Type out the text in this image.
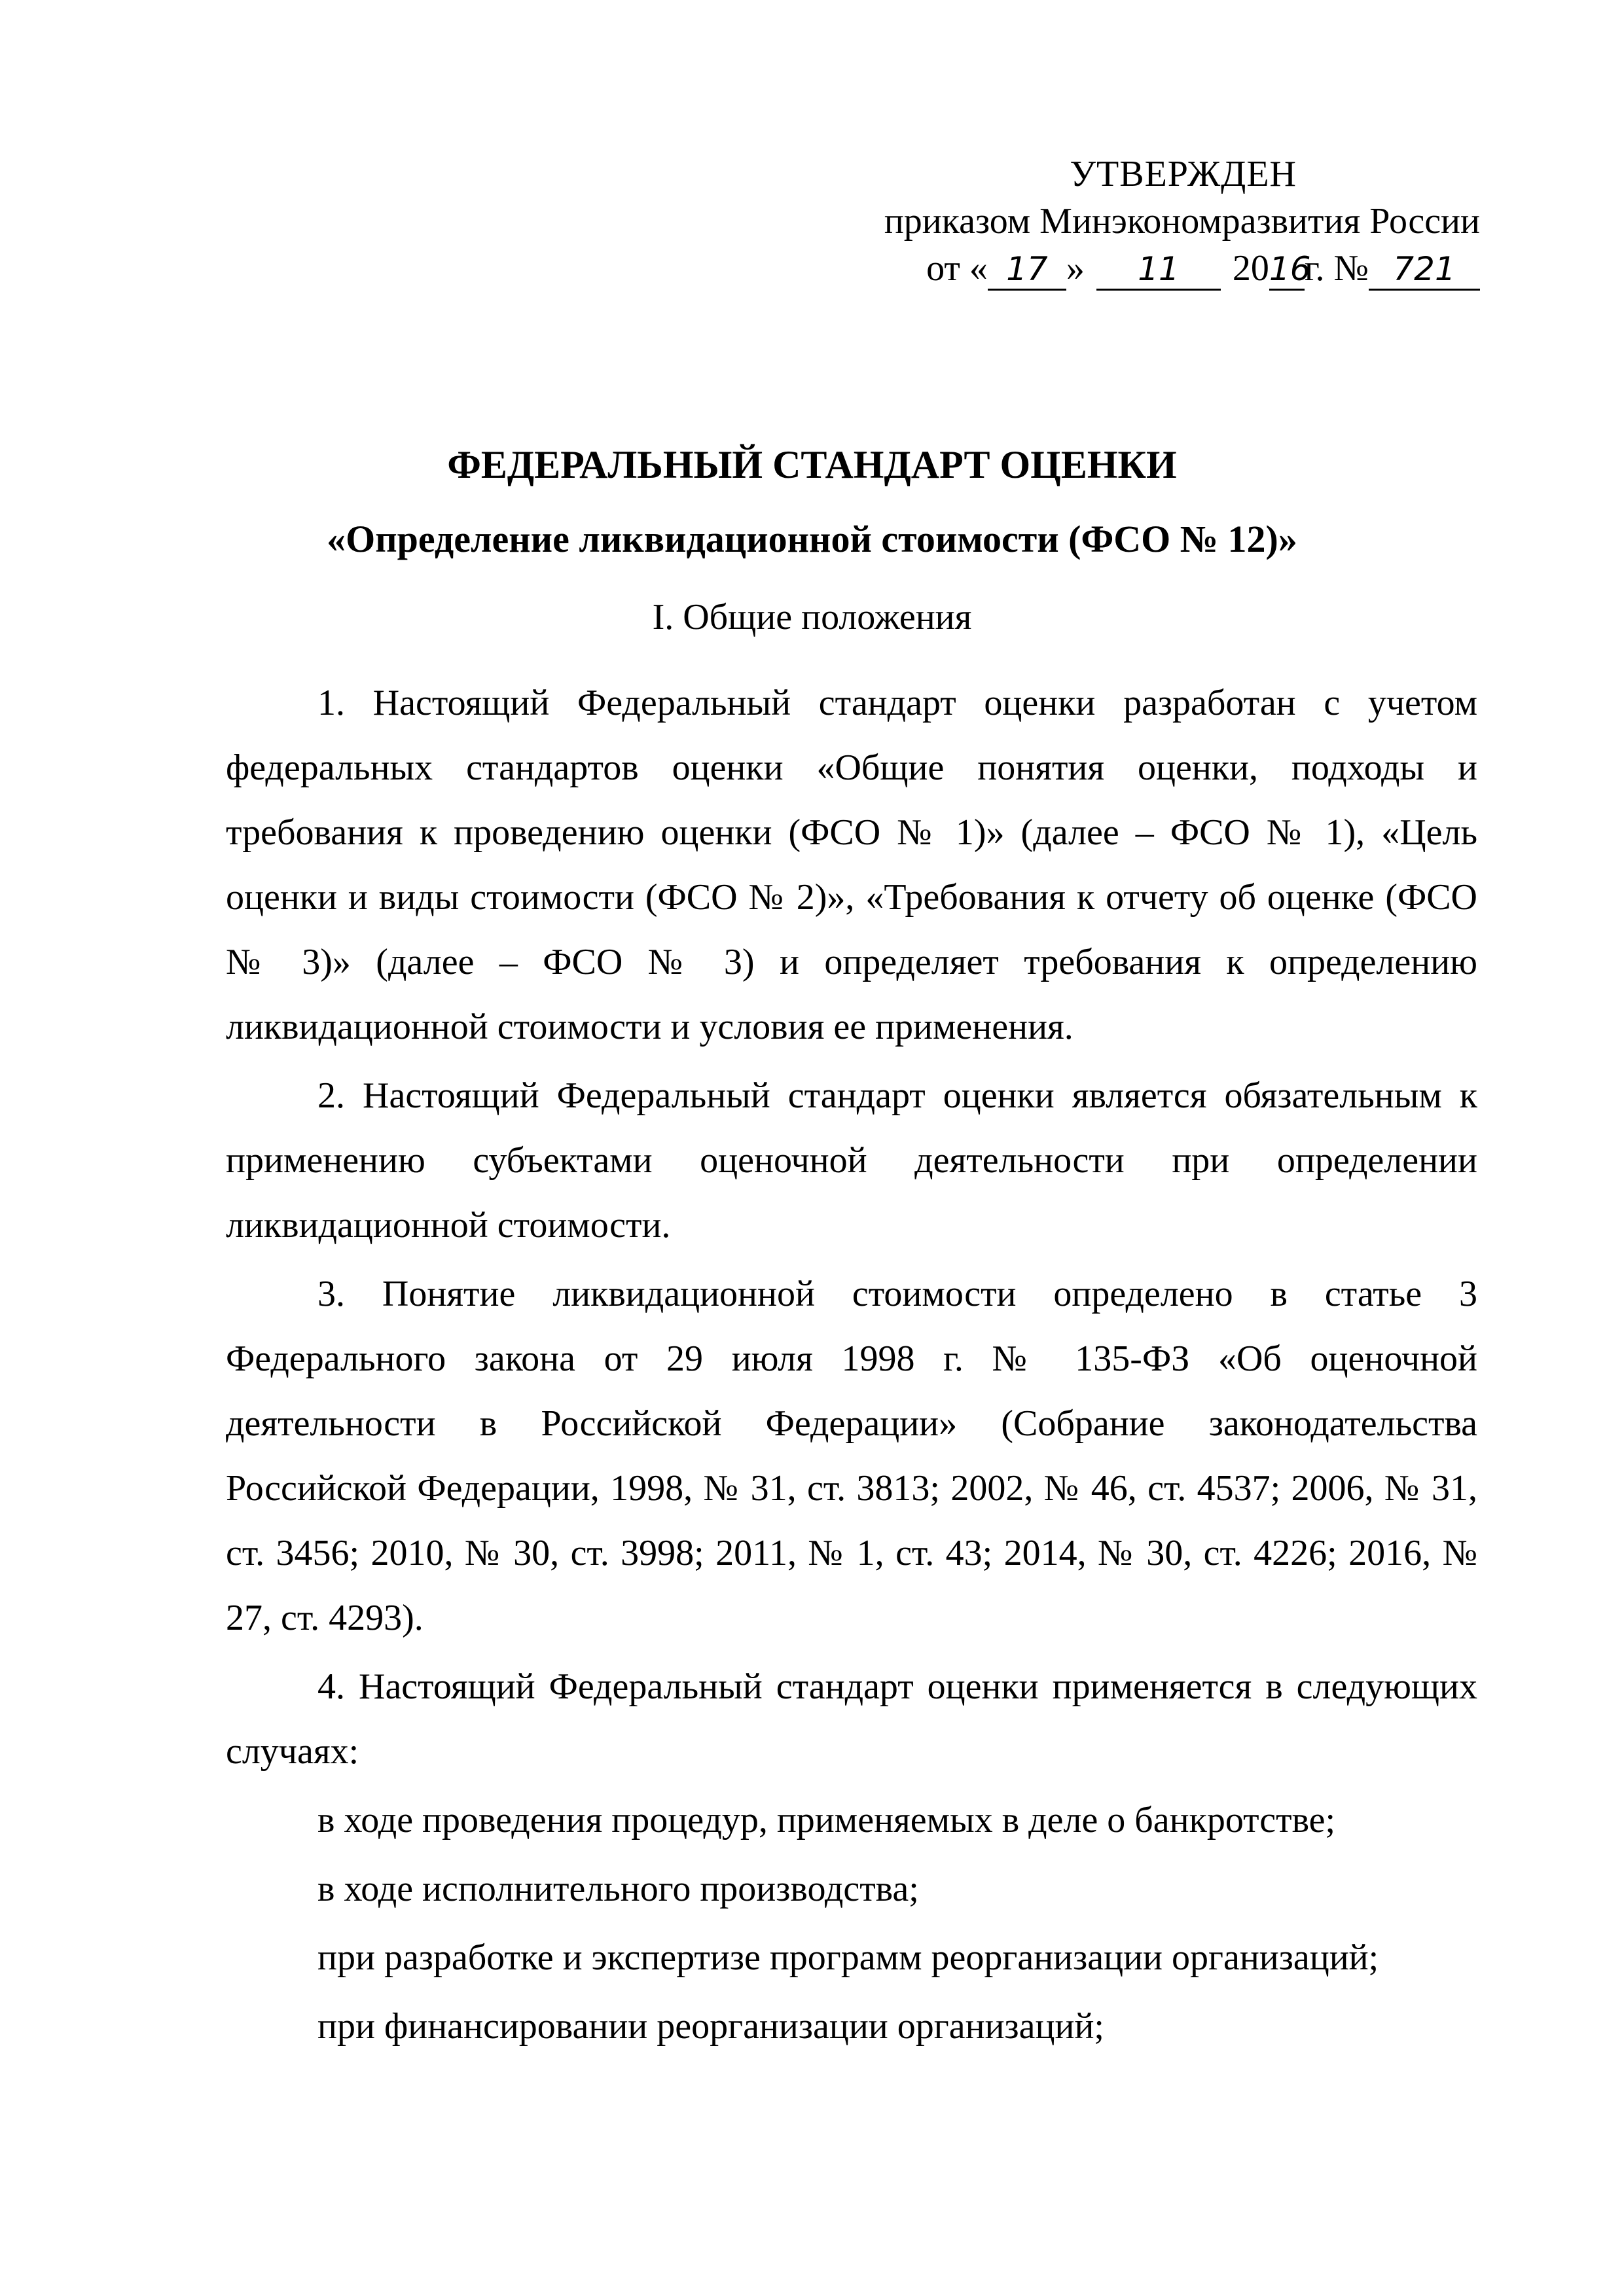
УТВЕРЖДЕН
приказом Минэкономразвития России
от « 17 » 11 2016г. № 721
ФЕДЕРАЛЬНЫЙ СТАНДАРТ ОЦЕНКИ
«Определение ликвидационной стоимости (ФСО № 12)»
I. Общие положения

1. Настоящий Федеральный стандарт оценки разработан с учетом федеральных стандартов оценки «Общие понятия оценки, подходы и требования к проведению оценки (ФСО № 1)» (далее – ФСО № 1), «Цель оценки и виды стоимости (ФСО № 2)», «Требования к отчету об оценке (ФСО № 3)» (далее – ФСО № 3) и определяет требования к определению ликвидационной стоимости и условия ее применения.

2. Настоящий Федеральный стандарт оценки является обязательным к применению субъектами оценочной деятельности при определении ликвидационной стоимости.

3. Понятие ликвидационной стоимости определено в статье 3 Федерального закона от 29 июля 1998 г. № 135-ФЗ «Об оценочной деятельности в Российской Федерации» (Собрание законодательства Российской Федерации, 1998, № 31, ст. 3813; 2002, № 46, ст. 4537; 2006, № 31, ст. 3456; 2010, № 30, ст. 3998; 2011, № 1, ст. 43; 2014, № 30, ст. 4226; 2016, № 27, ст. 4293).

4. Настоящий Федеральный стандарт оценки применяется в следующих случаях:

в ходе проведения процедур, применяемых в деле о банкротстве;

в ходе исполнительного производства;

при разработке и экспертизе программ реорганизации организаций;

при финансировании реорганизации организаций;
